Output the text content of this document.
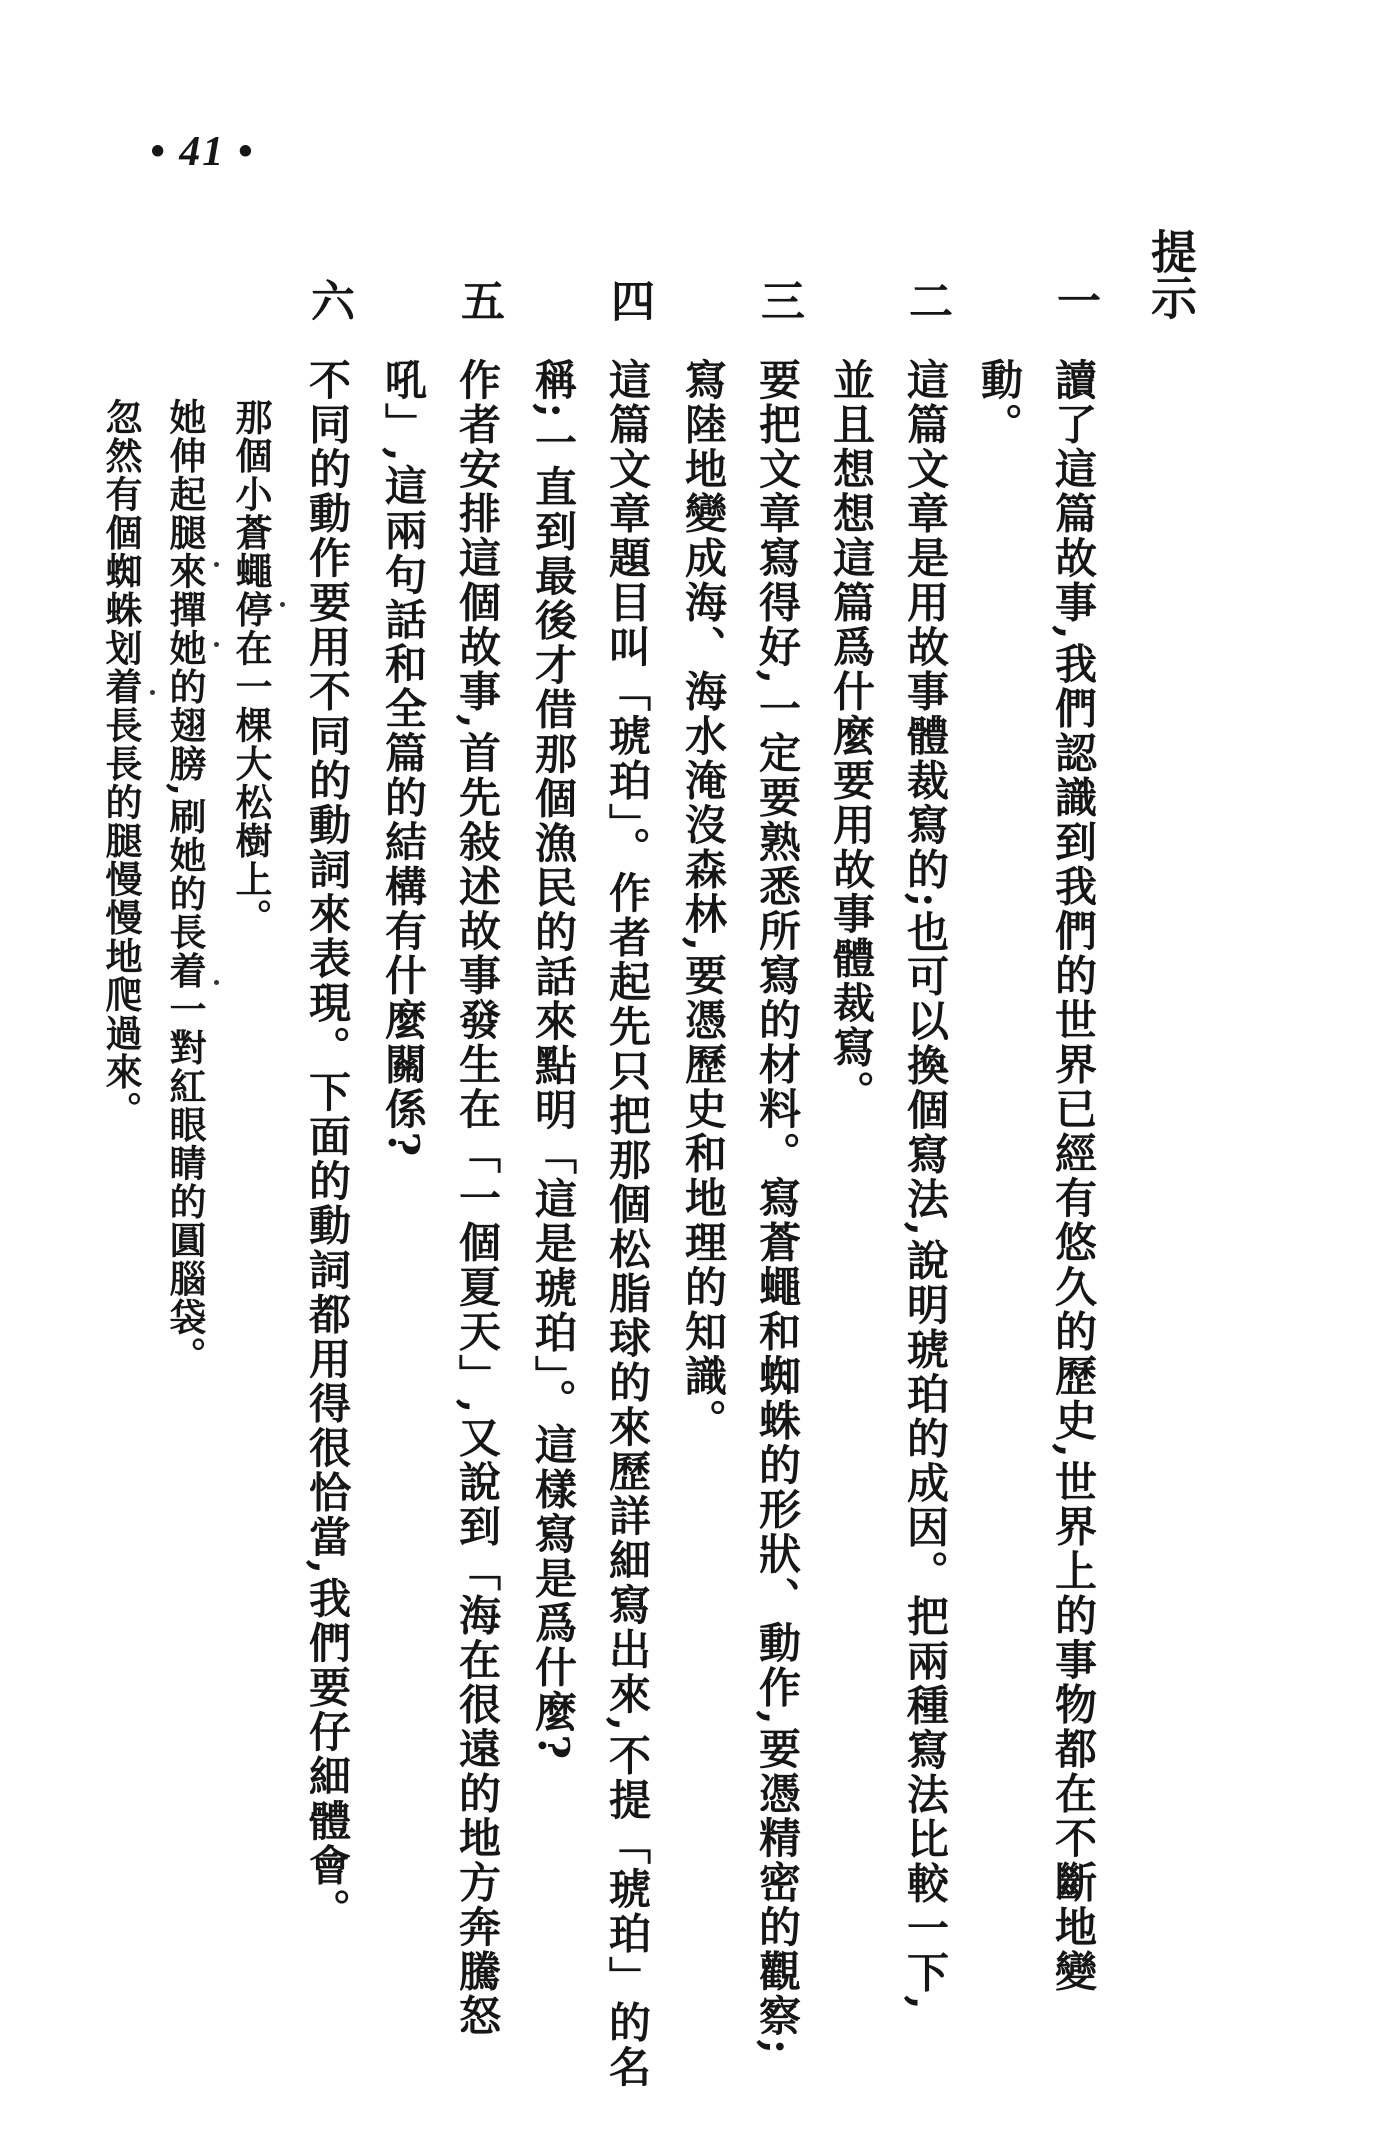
• 41 •
提示
一
讀了這篇故事,我們認識到我們的世界已經有悠久的歷史,世界上的事物都在不斷地變
動。
二
這篇文章是用故事體裁寫的;也可以換個寫法,說明琥珀的成因。把兩種寫法比較一下,
並且想想這篇爲什麼要用故事體裁寫。
三
要把文章寫得好,一定要熟悉所寫的材料。寫蒼蠅和蜘蛛的形狀、動作,要憑精密的觀察;
寫陸地變成海、海水淹沒森林,要憑歷史和地理的知識。
四
這篇文章題目叫「琥珀」。作者起先只把那個松脂球的來歷詳細寫出來,不提「琥珀」的名
稱;一直到最後才借那個漁民的話來點明「這是琥珀」。這樣寫是爲什麼?
五
作者安排這個故事,首先敍述故事發生在「一個夏天」,又說到「海在很遠的地方奔騰怒
吼」,這兩句話和全篇的結構有什麼關係?
六
不同的動作要用不同的動詞來表現。下面的動詞都用得很恰當,我們要仔細體會。
那個小蒼蠅停在一棵大松樹上。
她伸起腿來撣她的翅膀,刷她的長着一對紅眼睛的圓腦袋。
忽然有個蜘蛛划着長長的腿慢慢地爬過來。
